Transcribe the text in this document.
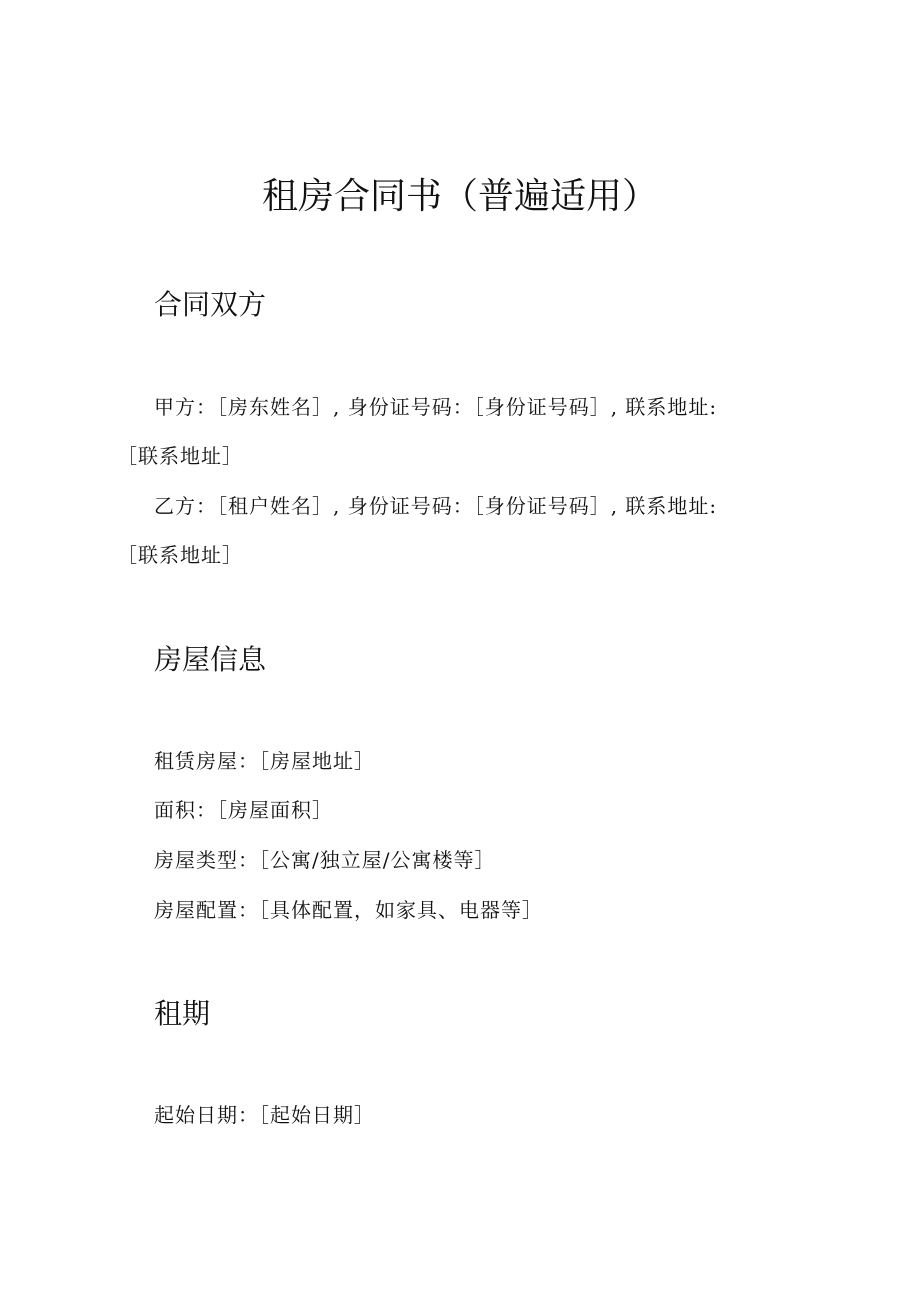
租房合同书（普遍适用）
合同双方
甲方：［房东姓名］, 身份证号码：［身份证号码］, 联系地址:［联系地址］
乙方：［租户姓名］, 身份证号码：［身份证号码］, 联系地址:［联系地址］
房屋信息
租赁房屋：［房屋地址］
面积：［房屋面积］
房屋类型：［公寓/独立屋/公寓楼等］
房屋配置：［具体配置，如家具、电器等］
租期
起始日期：［起始日期］
